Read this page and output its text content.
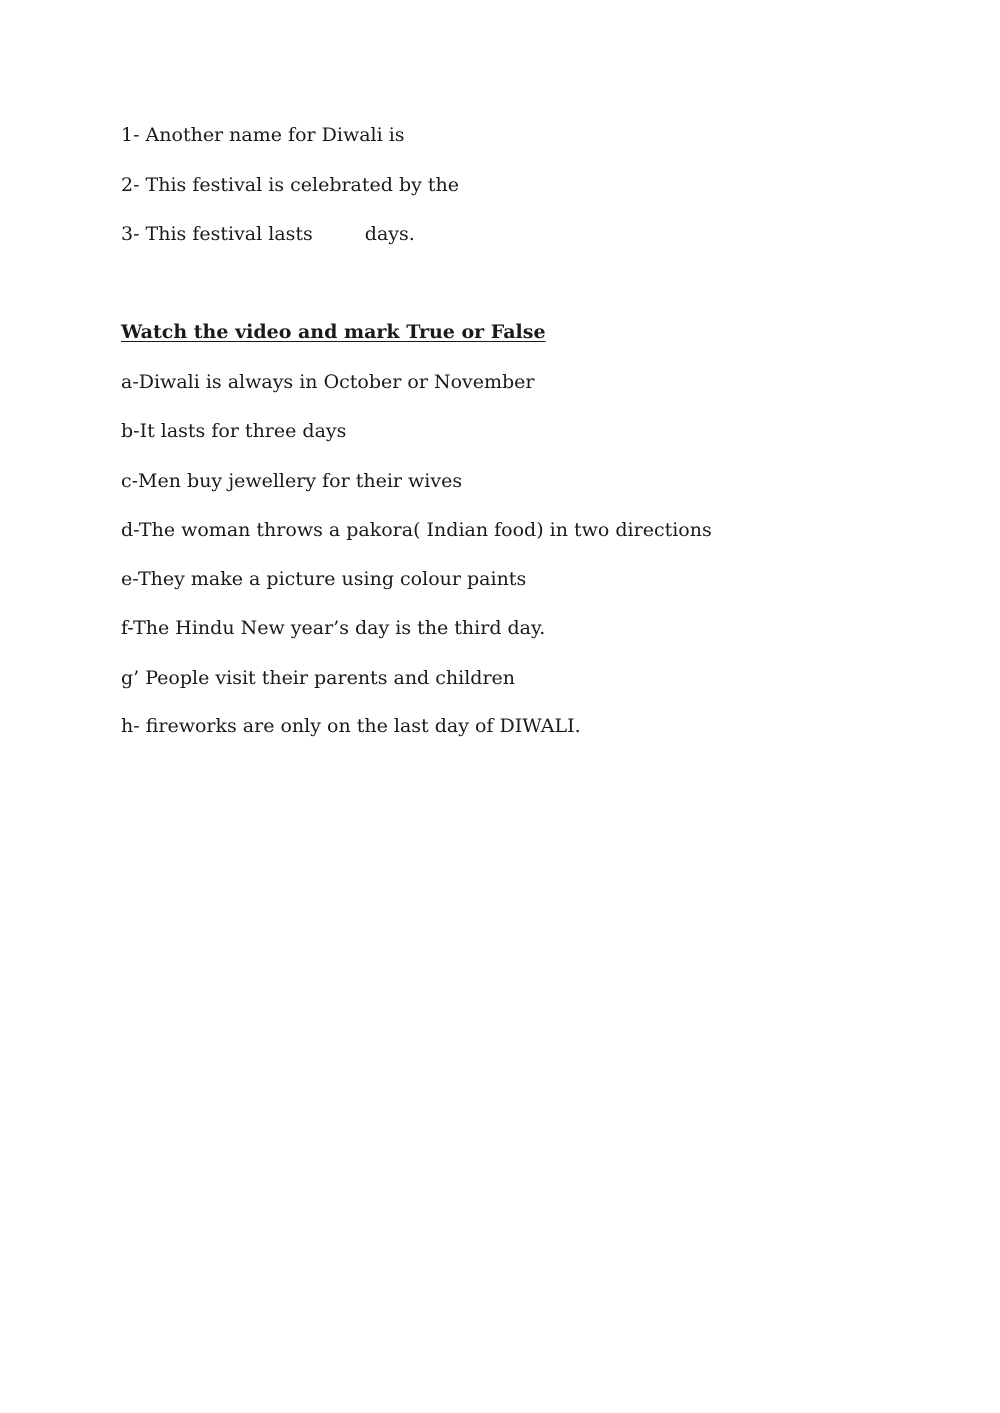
1- Another name for Diwali is
2- This festival is celebrated by the
3- This festival lasts	days.
Watch the video and mark True or False
a-Diwali is always in October or November
b-It lasts for three days
c-Men buy jewellery for their wives
d-The woman throws a pakora( Indian food) in two directions
e-They make a picture using colour paints
f-The Hindu New year’s day is the third day.
g’ People visit their parents and children
h- fireworks are only on the last day of DIWALI.
